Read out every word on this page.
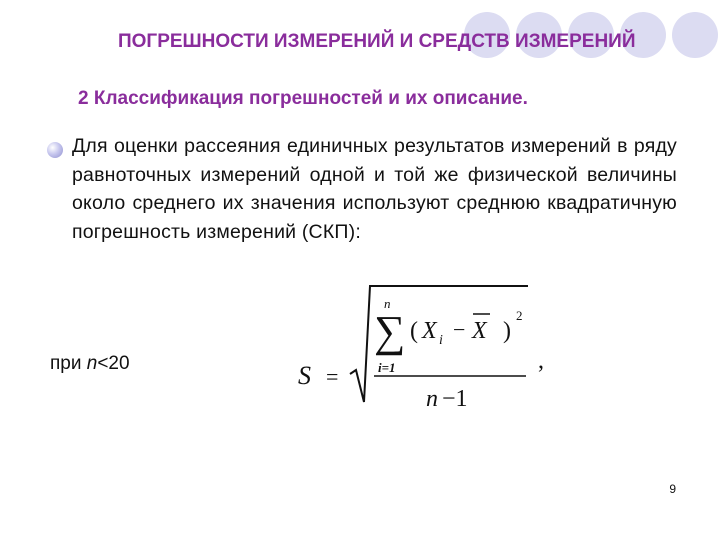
ПОГРЕШНОСТИ ИЗМЕРЕНИЙ И СРЕДСТВ ИЗМЕРЕНИЙ
2 Классификация погрешностей и их описание.
Для оценки рассеяния единичных результатов измерений в ряду равноточных измерений одной и той же физической величины около среднего их значения используют среднюю квадратичную погрешность измерений (СКП):
при n<20	S =
n
∑
i=1
( X i − X )
2
n −1
,
9
